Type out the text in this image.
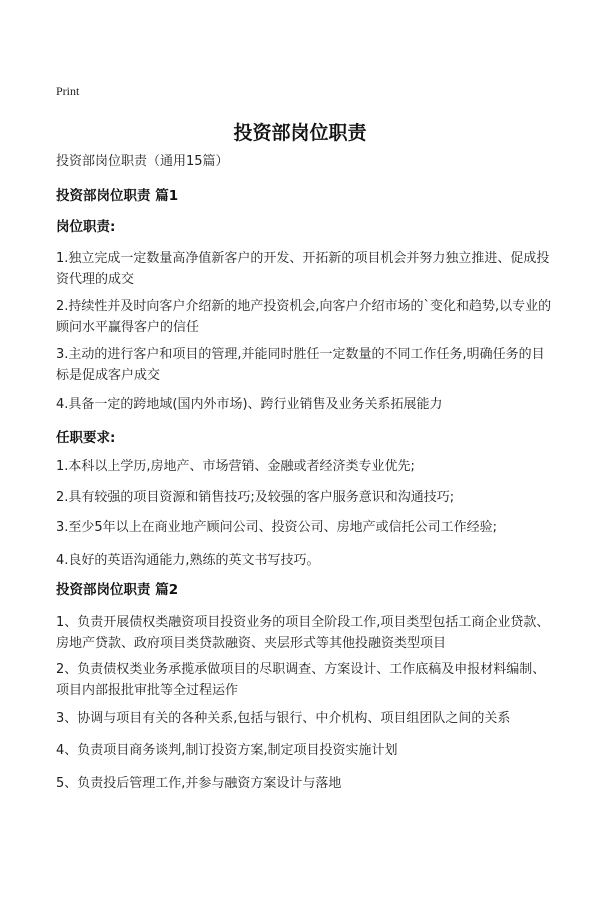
Print
投资部岗位职责
投资部岗位职责（通用15篇）
投资部岗位职责 篇1
岗位职责:
1.独立完成一定数量高净值新客户的开发、开拓新的项目机会并努力独立推进、促成投资代理的成交
2.持续性并及时向客户介绍新的地产投资机会,向客户介绍市场的`变化和趋势,以专业的顾问水平赢得客户的信任
3.主动的进行客户和项目的管理,并能同时胜任一定数量的不同工作任务,明确任务的目标是促成客户成交
4.具备一定的跨地域(国内外市场)、跨行业销售及业务关系拓展能力
任职要求:
1.本科以上学历,房地产、市场营销、金融或者经济类专业优先;
2.具有较强的项目资源和销售技巧;及较强的客户服务意识和沟通技巧;
3.至少5年以上在商业地产顾问公司、投资公司、房地产或信托公司工作经验;
4.良好的英语沟通能力,熟练的英文书写技巧。
投资部岗位职责 篇2
1、负责开展债权类融资项目投资业务的项目全阶段工作,项目类型包括工商企业贷款、房地产贷款、政府项目类贷款融资、夹层形式等其他投融资类型项目
2、负责债权类业务承揽承做项目的尽职调查、方案设计、工作底稿及申报材料编制、项目内部报批审批等全过程运作
3、协调与项目有关的各种关系,包括与银行、中介机构、项目组团队之间的关系
4、负责项目商务谈判,制订投资方案,制定项目投资实施计划
5、负责投后管理工作,并参与融资方案设计与落地
